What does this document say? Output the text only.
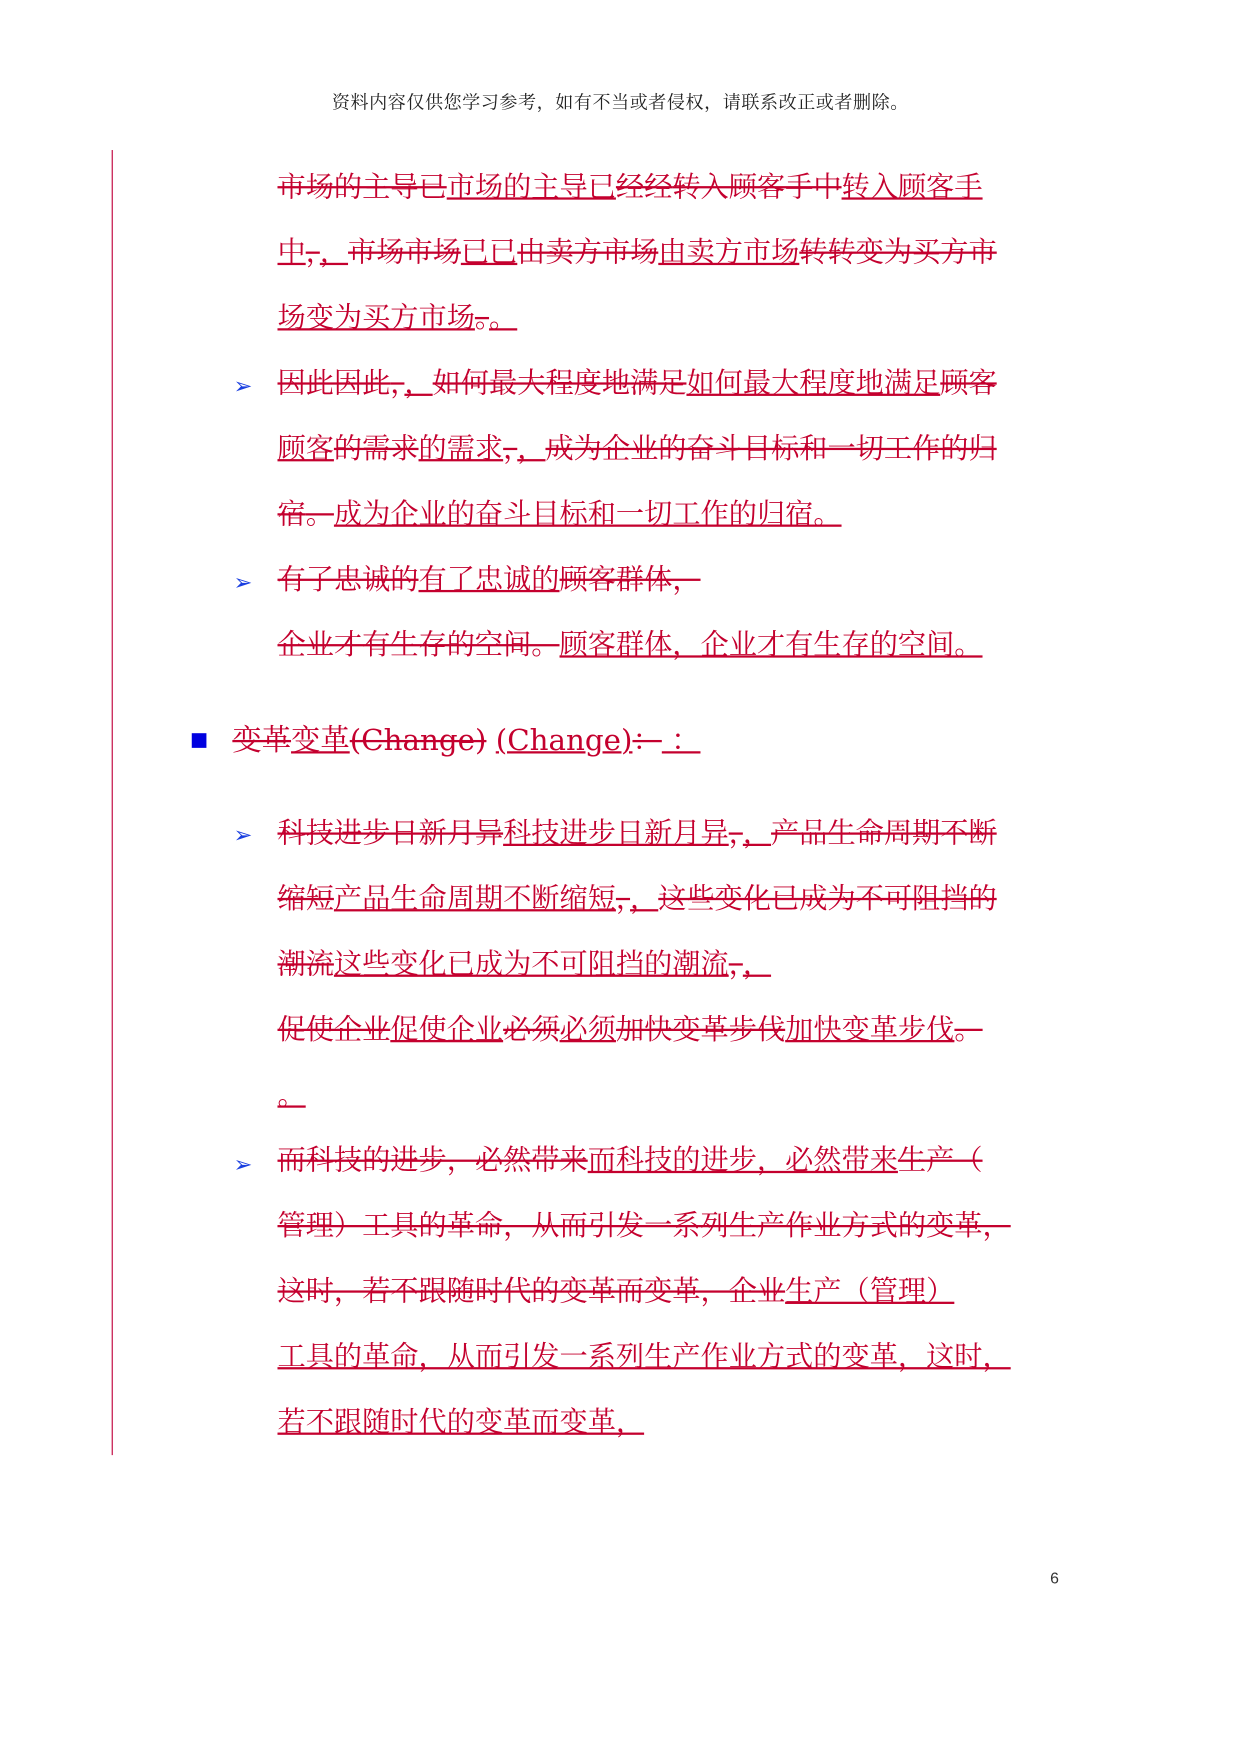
资料内容仅供您学习参考，如有不当或者侵权，请联系改正或者删除。
➢
➢
➢
➢
变革变革(Change) (Change)： ：
市场的主导已市场的主导已经经转入顾客手中转入顾客手
中，，市场市场已已由卖方市场由卖方市场转转变为买方市
场变为买方市场。。
因此因此，，如何最大程度地满足如何最大程度地满足顾客
顾客的需求的需求，，成为企业的奋斗目标和一切工作的归
宿。成为企业的奋斗目标和一切工作的归宿。
有了忠诚的有了忠诚的顾客群体，
企业才有生存的空间。顾客群体，企业才有生存的空间。
科技进步日新月异科技进步日新月异，，产品生命周期不断
缩短产品生命周期不断缩短，，这些变化已成为不可阻挡的
潮流这些变化已成为不可阻挡的潮流，，
促使企业促使企业必须必须加快变革步伐加快变革步伐。
。
而科技的进步，必然带来而科技的进步，必然带来生产（
管理）工具的革命，从而引发一系列生产作业方式的变革，
这时，若不跟随时代的变革而变革，企业生产（管理）
工具的革命，从而引发一系列生产作业方式的变革，这时，
若不跟随时代的变革而变革，
6
